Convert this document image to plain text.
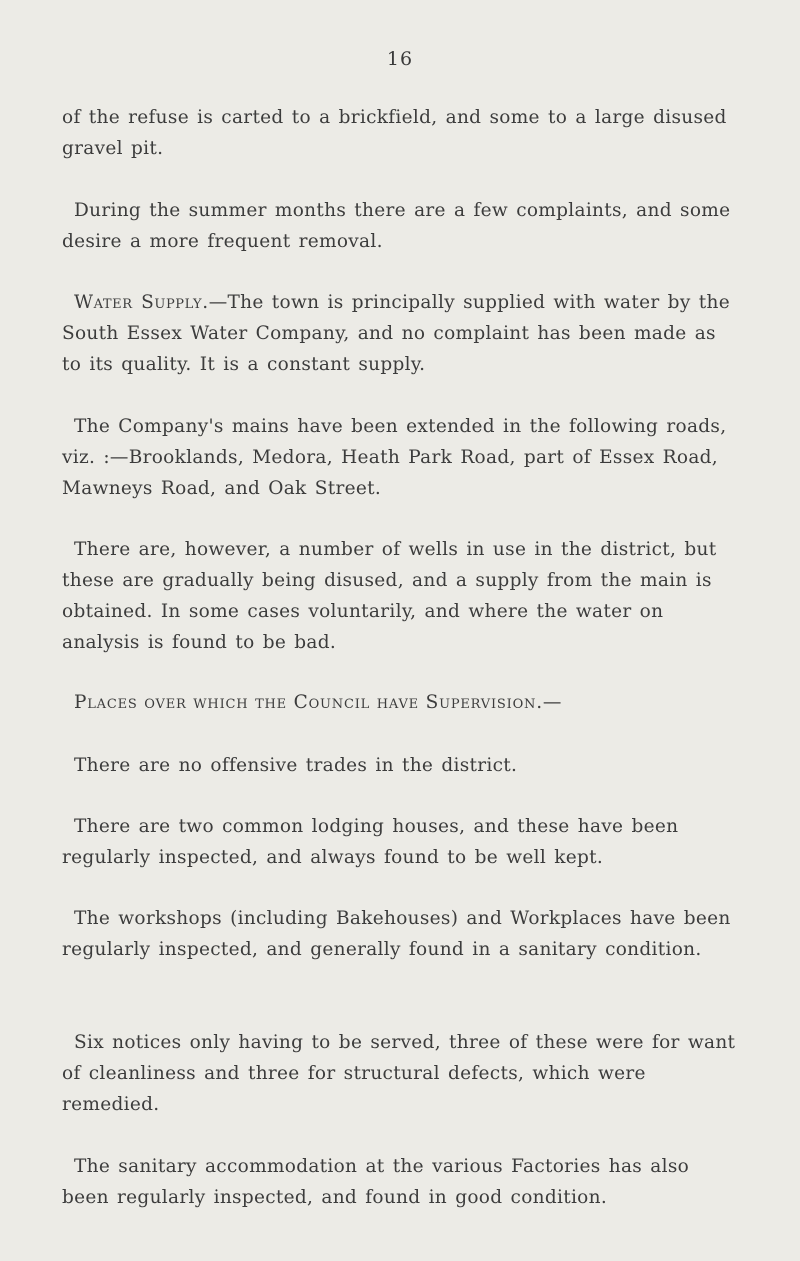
16

of the refuse is carted to a brickfield, and some to a large disused gravel pit.

During the summer months there are a few complaints, and some desire a more frequent removal.

Water Supply.—The town is principally supplied with water by the South Essex Water Company, and no complaint has been made as to its quality. It is a constant supply.

The Company's mains have been extended in the following roads, viz. :—Brooklands, Medora, Heath Park Road, part of Essex Road, Mawneys Road, and Oak Street.

There are, however, a number of wells in use in the district, but these are gradually being disused, and a supply from the main is obtained. In some cases voluntarily, and where the water on analysis is found to be bad.

Places over which the Council have Supervision.—

There are no offensive trades in the district.

There are two common lodging houses, and these have been regularly inspected, and always found to be well kept.

The workshops (including Bakehouses) and Workplaces have been regularly inspected, and generally found in a sanitary condition.

Six notices only having to be served, three of these were for want of cleanliness and three for structural defects, which were remedied.

The sanitary accommodation at the various Factories has also been regularly inspected, and found in good condition.
